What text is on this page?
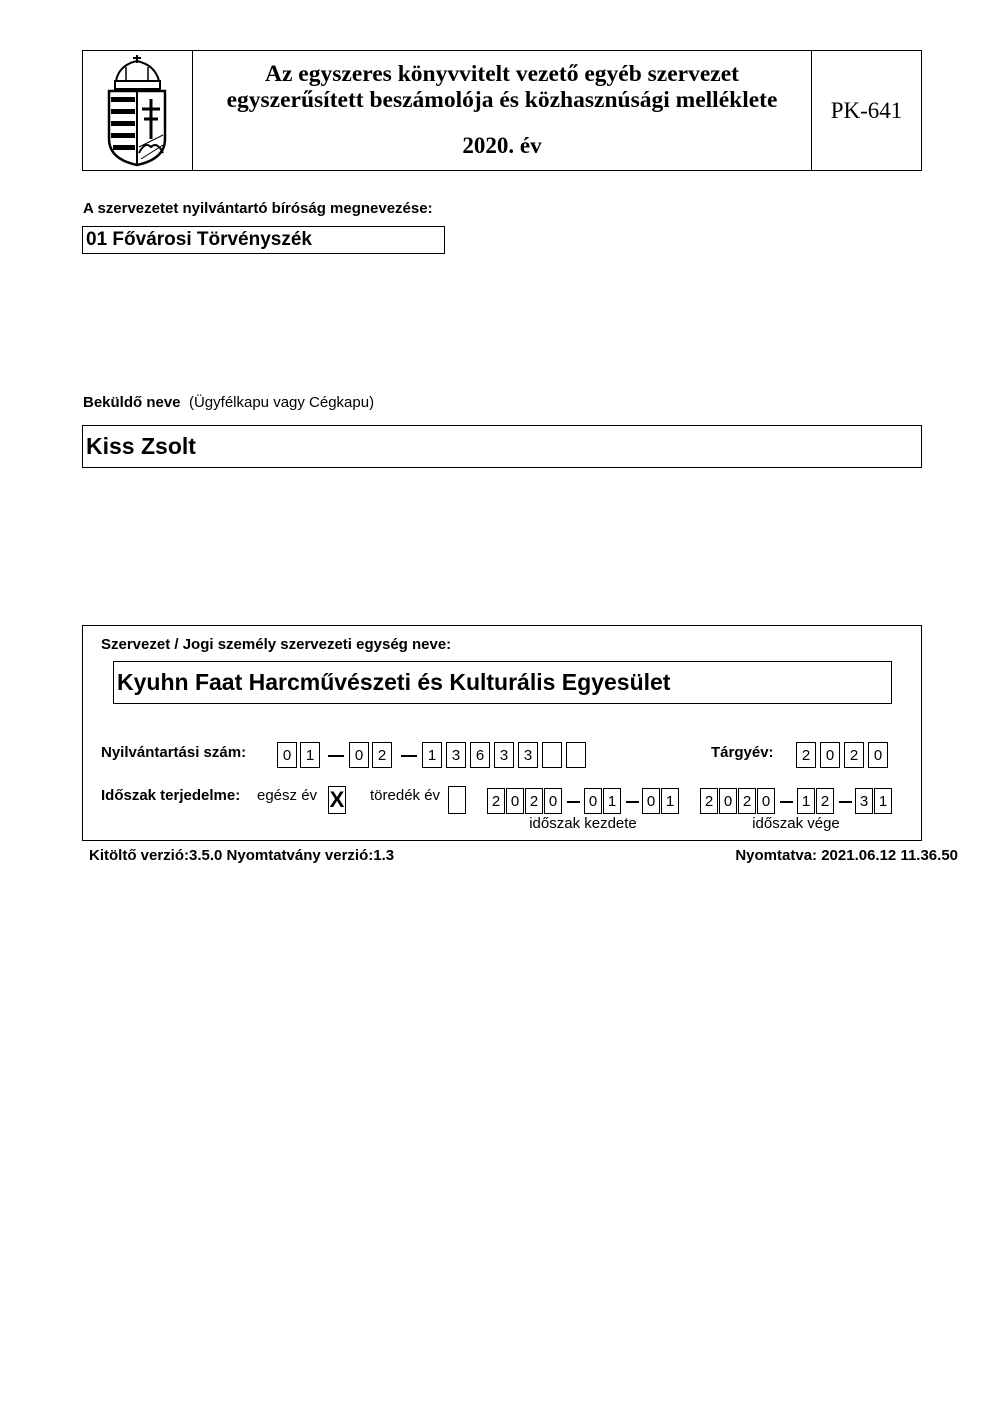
Az egyszeres könyvvitelt vezető egyéb szervezet
egyszerűsített beszámolója és közhasznúsági melléklete
2020. év
PK-641
A szervezetet nyilvántartó bíróság megnevezése:
01 Fővárosi Törvényszék
Beküldő neve (Ügyfélkapu vagy Cégkapu)
Kiss Zsolt
Szervezet / Jogi személy szervezeti egység neve:
Kyuhn Faat Harcművészeti és Kulturális Egyesület
Nyilvántartási szám:	0 1	0 2	1	3	6	3	3	Tárgyév:	2	0	2	0
Időszak terjedelme: egész év X töredék év	2 0 2 0	0 1	0 1
időszak kezdete
2 0 2 0	1 2	3 1
időszak vége
Kitöltő verzió:3.5.0 Nyomtatvány verzió:1.3	Nyomtatva: 2021.06.12 11.36.50
